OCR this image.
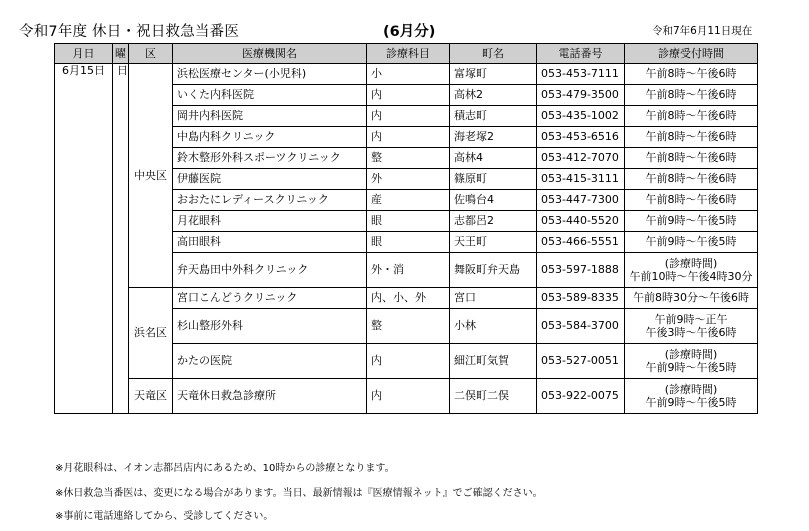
令和7年度 休日・祝日救急当番医	(6月分)	令和7年6月11日現在
月日	曜	区	医療機関名	診療科目	町名	電話番号	診療受付時間
6月15日	日	中央区	浜松医療センター(小児科)	小	富塚町	053-453-7111	午前8時～午後6時
			いくた内科医院	内	高林2	053-479-3500	午前8時～午後6時
			岡井内科医院	内	積志町	053-435-1002	午前8時～午後6時
			中島内科クリニック	内	海老塚2	053-453-6516	午前8時～午後6時
			鈴木整形外科スポーツクリニック	整	高林4	053-412-7070	午前8時～午後6時
			伊藤医院	外	篠原町	053-415-3111	午前8時～午後6時
			おおたにレディースクリニック	産	佐鳴台4	053-447-7300	午前8時～午後6時
			月花眼科	眼	志都呂2	053-440-5520	午前9時～午後5時
			高田眼科	眼	天王町	053-466-5551	午前9時～午後5時
			弁天島田中外科クリニック	外・消	舞阪町弁天島	053-597-1888	(診療時間)
午前10時～午後4時30分

		浜名区	宮口こんどうクリニック	内、小、外	宮口	053-589-8335	午前8時30分～午後6時
			杉山整形外科	整	小林	053-584-3700	午前9時～正午
午後3時～午後6時

			かたの医院	内	細江町気賀	053-527-0051	(診療時間)
午前9時～午後5時

		天竜区	天竜休日救急診療所	内	二俣町二俣	053-922-0075	(診療時間)
午前9時～午後5時
※月花眼科は、イオン志都呂店内にあるため、10時からの診療となります。
※休日救急当番医は、変更になる場合があります。当日、最新情報は『医療情報ネット』でご確認ください。
※事前に電話連絡してから、受診してください。
